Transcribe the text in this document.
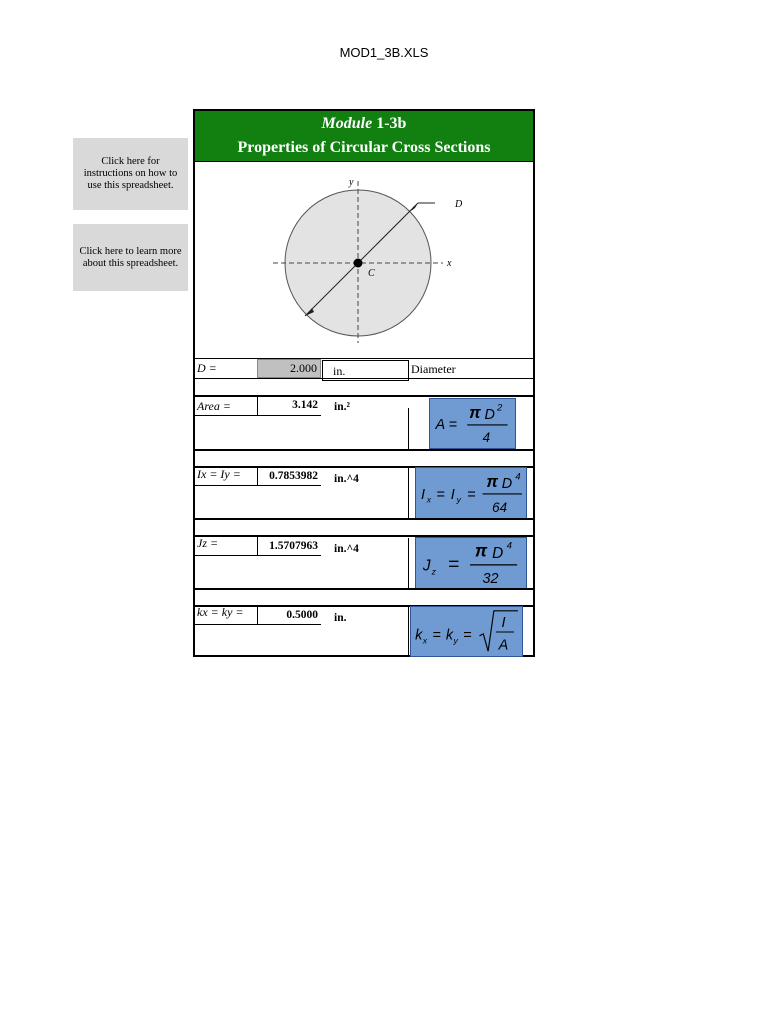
MOD1_3B.XLS
Click here for instructions on how to use this spreadsheet.
Click here to learn more about this spreadsheet.
Module 1-3b
Properties of Circular Cross Sections
y
x
D
C
D =	2.000	in.	Diameter
Area =	3.142 in.²
A =
π D 2
4
Ix = Iy =	0.7853982 in.^4
I x = I y =
π D 4
64
Jz =	1.5707963 in.^4
J z =
π D 4
32
kx = ky =	0.5000 in.
k x = k y =
I
A
